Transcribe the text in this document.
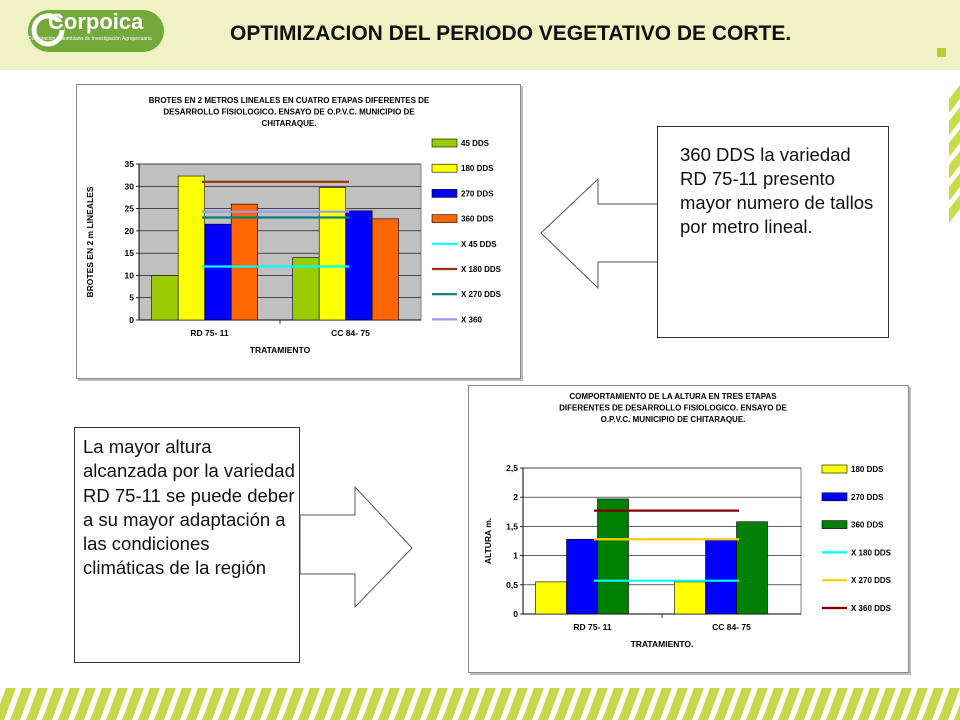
Corpoica
Corporación Colombiana de Investigación Agropecuaria	OPTIMIZACION DEL PERIODO VEGETATIVO DE CORTE.
BROTES EN 2 METROS LINEALES EN CUATRO ETAPAS DIFERENTES DE
DESARROLLO FISIOLOGICO. ENSAYO DE O.P.V.C. MUNICIPIO DE
CHITARAQUE.
0
5
10
15
20
25
30
35
RD 75- 11	CC 84- 75
TRATAMIENTO
BROTES EN 2 m LINEALES
45 DDS
180 DDS
270 DDS
360 DDS
X 45 DDS
X 180 DDS
X 270 DDS
X 360
COMPORTAMIENTO DE LA ALTURA EN TRES ETAPAS
DIFERENTES DE DESARROLLO FISIOLOGICO. ENSAYO DE
O.P.V.C. MUNICIPIO DE CHITARAQUE.
0
0,5
1
1,5
2
2,5
RD 75- 11	CC 84- 75
TRATAMIENTO.
ALTURA m.
180 DDS
270 DDS
360 DDS
X 180 DDS
X 270 DDS
X 360 DDS
360 DDS la variedad RD 75-11 presento mayor numero de tallos por metro lineal.
La mayor altura alcanzada por la variedad RD 75-11 se puede deber a su mayor adaptación a las condiciones climáticas de la región
